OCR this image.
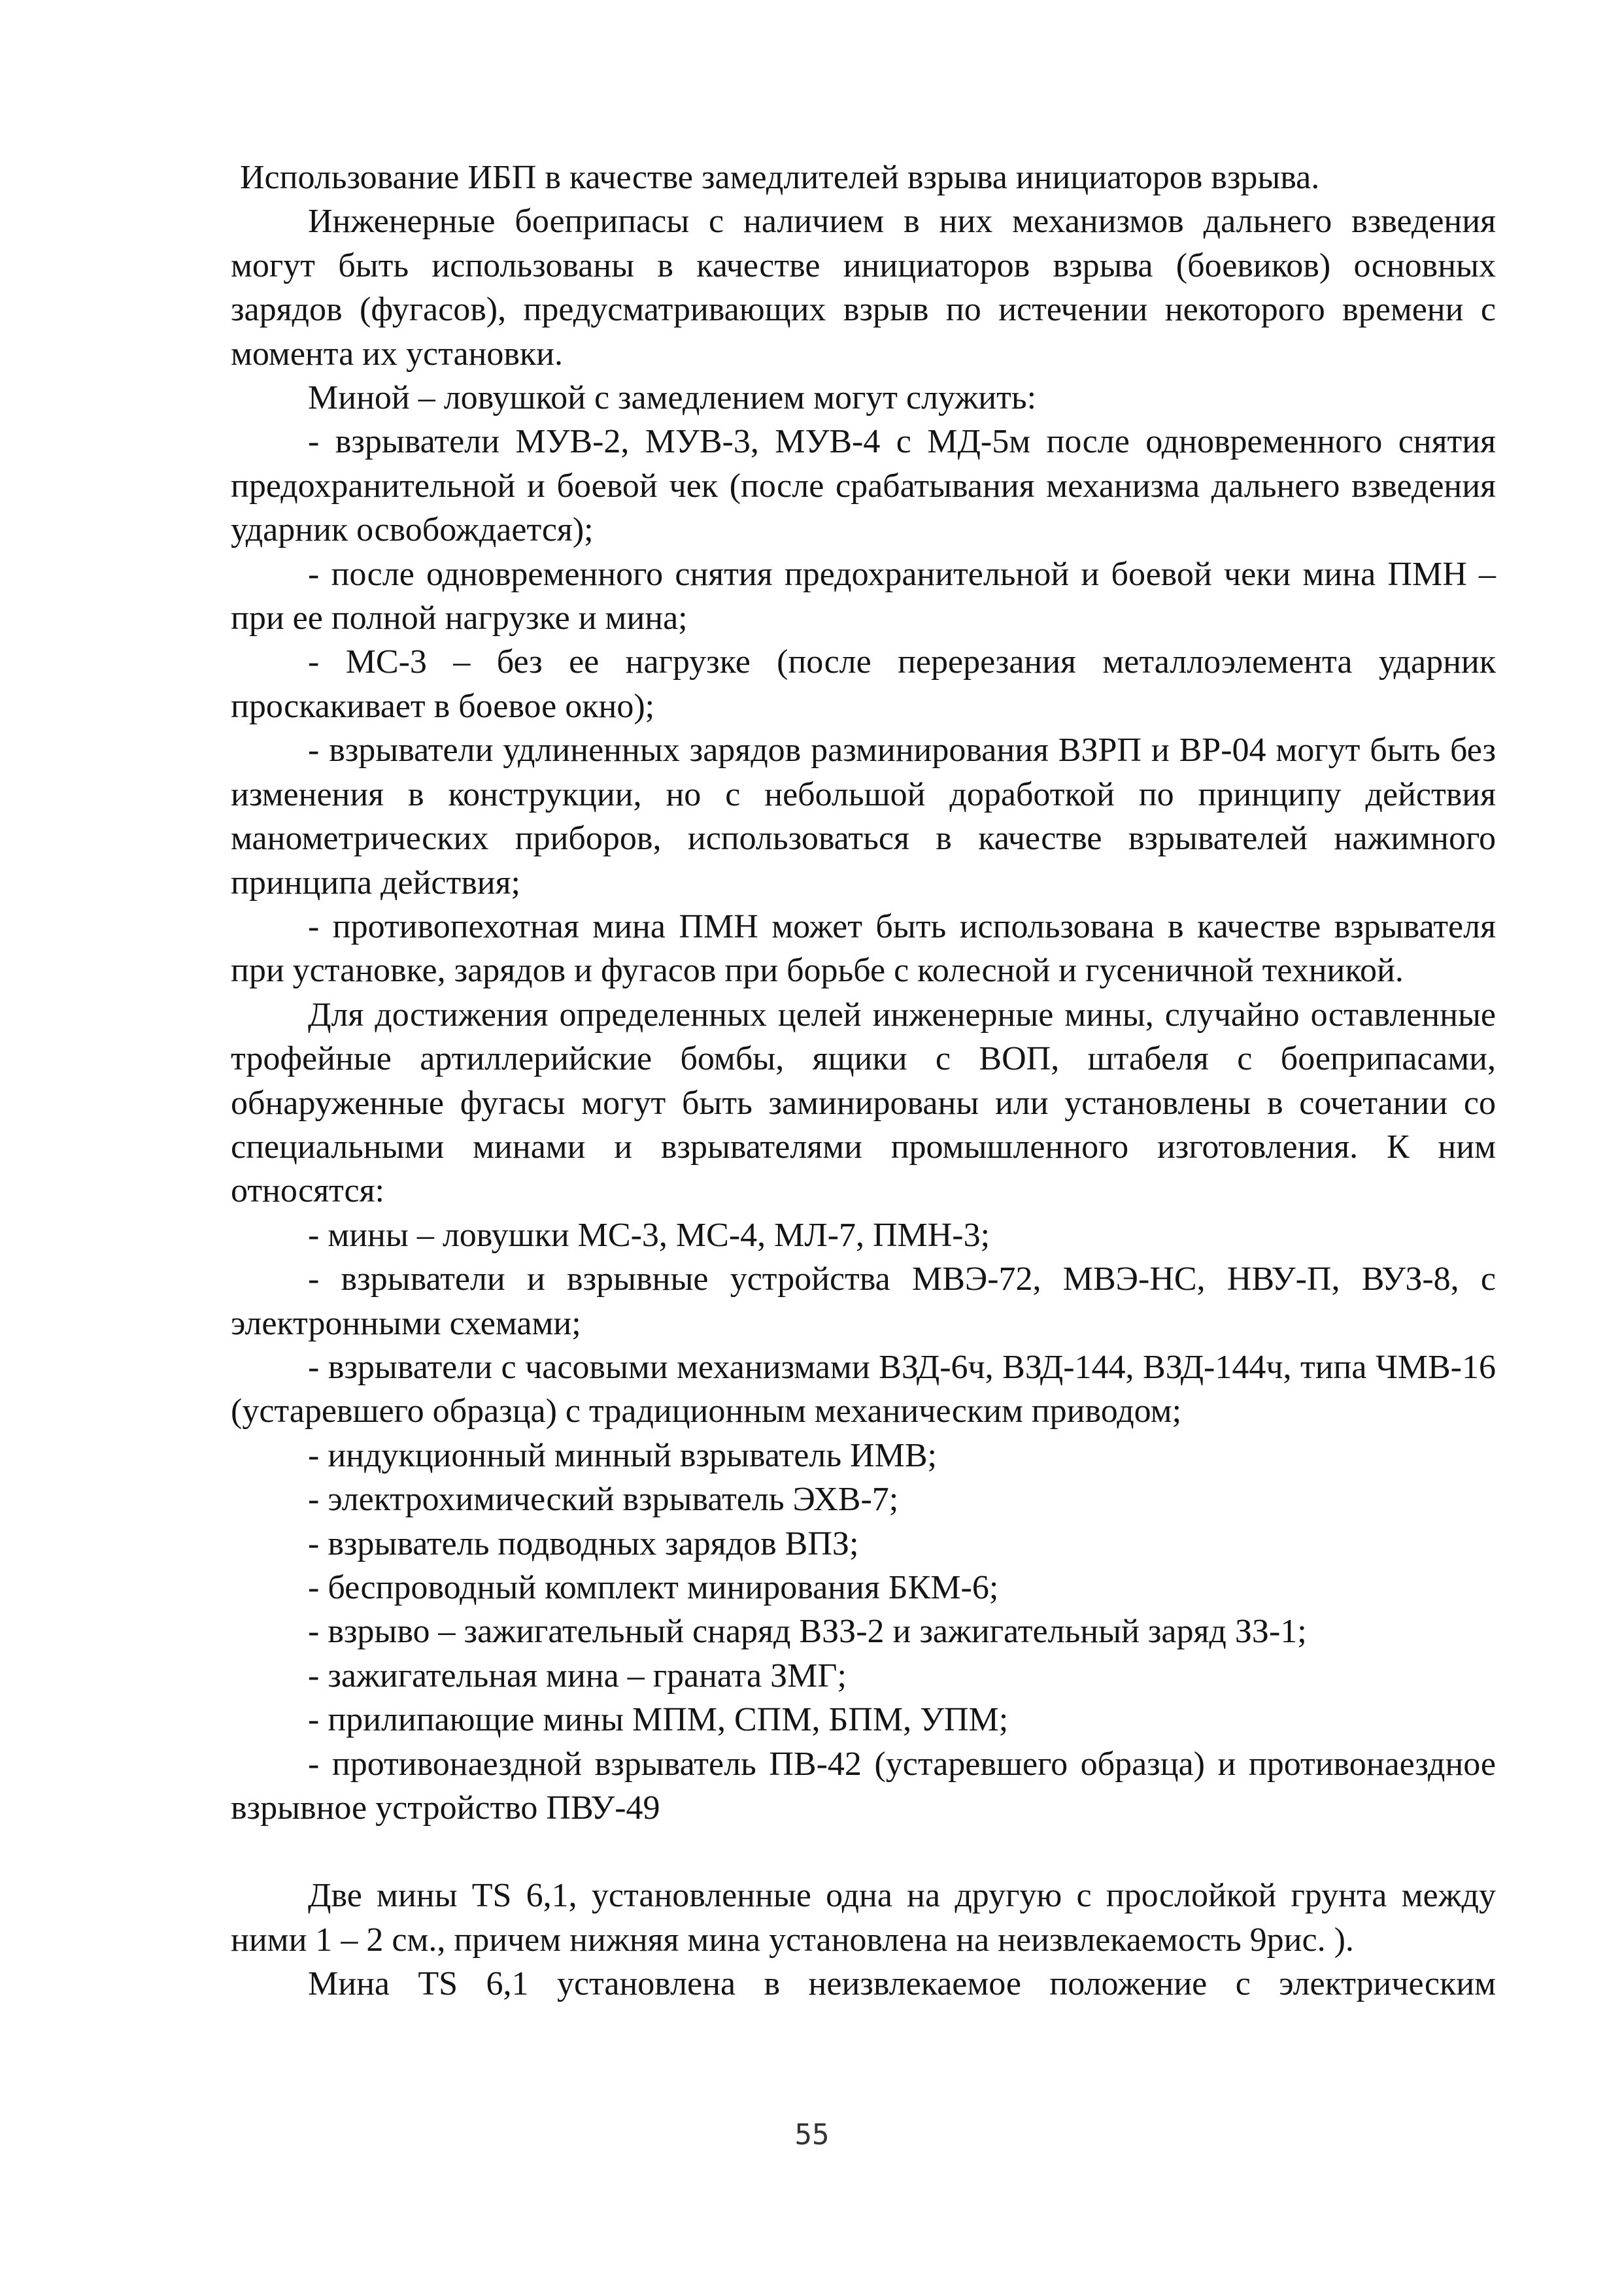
Использование ИБП в качестве замедлителей взрыва инициаторов взрыва.

Инженерные боеприпасы с наличием в них механизмов дальнего взведения могут быть использованы в качестве инициаторов взрыва (боевиков) основных зарядов (фугасов), предусматривающих взрыв по истечении некоторого времени с момента их установки.

Миной – ловушкой с замедлением могут служить:

- взрыватели МУВ-2, МУВ-3, МУВ-4 с МД-5м после одновременного снятия предохранительной и боевой чек (после срабатывания механизма дальнего взведения ударник освобождается);

- после одновременного снятия предохранительной и боевой чеки мина ПМН – при ее полной нагрузке и мина;

- МС-3 – без ее нагрузке (после перерезания металлоэлемента ударник проскакивает в боевое окно);

- взрыватели удлиненных зарядов разминирования ВЗРП и ВР-04 могут быть без изменения в конструкции, но с небольшой доработкой по принципу действия манометрических приборов, использоваться в качестве взрывателей нажимного принципа действия;

- противопехотная мина ПМН может быть использована в качестве взрывателя при установке, зарядов и фугасов при борьбе с колесной и гусеничной техникой.

Для достижения определенных целей инженерные мины, случайно оставленные трофейные артиллерийские бомбы, ящики с ВОП, штабеля с боеприпасами, обнаруженные фугасы могут быть заминированы или установлены в сочетании со специальными минами и взрывателями промышленного изготовления. К ним относятся:

- мины – ловушки МС-3, МС-4, МЛ-7, ПМН-3;

- взрыватели и взрывные устройства МВЭ-72, МВЭ-НС, НВУ-П, ВУЗ-8, с электронными схемами;

- взрыватели с часовыми механизмами ВЗД-6ч, ВЗД-144, ВЗД-144ч, типа ЧМВ-16 (устаревшего образца) с традиционным механическим приводом;

- индукционный минный взрыватель ИМВ;

- электрохимический взрыватель ЭХВ-7;

- взрыватель подводных зарядов ВПЗ;

- беспроводный комплект минирования БКМ-6;

- взрыво – зажигательный снаряд ВЗЗ-2 и зажигательный заряд ЗЗ-1;

- зажигательная мина – граната ЗМГ;

- прилипающие мины МПМ, СПМ, БПМ, УПМ;

- противонаездной взрыватель ПВ-42 (устаревшего образца) и противонаездное взрывное устройство ПВУ-49

Две мины TS 6,1, установленные одна на другую с прослойкой грунта между ними 1 – 2 см., причем нижняя мина установлена на неизвлекаемость 9рис. ).

Мина TS 6,1 установлена в неизвлекаемое положение с электрическим

55
